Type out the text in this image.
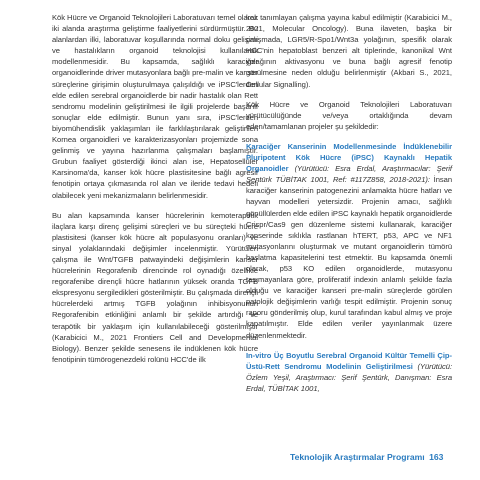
Kök Hücre ve Organoid Teknolojileri Laboratuvarı temel olarak iki alanda araştırma geliştirme faaliyetlerini sürdürmüştür. Bu alanlardan ilki, laboratuvar koşullarında normal doku gelişimi ve hastalıkların organoid teknolojisi kullanılarak modellenmesidir. Bu kapsamda, sağlıklı karaciğer organoidlerinde driver mutasyonlara bağlı pre-malin ve kanser süreçlerine girişimin oluşturulmaya çalışıldığı ve iPSC'lerden elde edilen serebral organoidlerde bir nadir hastalık olan Rett sendromu modelinin geliştirilmesi ile ilgili projelerde başarılı sonuçlar elde edilmiştir. Bunun yanı sıra, iPSC'lerden biyomühendislik yaklaşımları ile farklılaştırılarak geliştirilen Kornea organoidleri ve karakterizasyonları projemizde sona gelinmiş ve yayına hazırlanma çalışmaları başlamıştır. Grubun faaliyet gösterdiği ikinci alan ise, Hepatosellüler Karsinoma'da, kanser kök hücre plastisitesine bağlı agresif fenotipin ortaya çıkmasında rol alan ve ileride tedavi hedefi olabilecek yeni mekanizmaların belirlenmesidir.

Bu alan kapsamında kanser hücrelerinin kemoterapötik ilaçlara karşı direnç gelişimi süreçleri ve bu süreçteki hücre plastisitesi (kanser kök hücre alt populasyonu oranları) ve sinyal yolaklarındaki değişimler incelenmiştir. Yürütülen çalışma ile Wnt/TGFB patwayindeki değişimlerin kanser hücrelerinin Regorafenib direncinde rol oynadığı özellikle regorafenibe dirençli hücre hatlarının yüksek oranda TGFB ekspresyonu sergiledikleri gösterilmiştir. Bu çalışmada dirençli hücrelerdeki artmış TGFB yolağının inhibisyonunun Regorafenibin etkinliğini anlamlı bir şekilde artırdığı ve terapötik bir yaklaşım için kullanılabileceği gösterilmiştir (Karabicici M., 2021 Frontiers Cell and Developmental Biology). Benzer şekilde senesens ile indüklenen kök hücre fenotipinin tümörogenezdeki rolünü HCC'de ilk

kez tanımlayan çalışma yayına kabul edilmiştir (Karabicici M., 2021, Molecular Oncology). Buna ilaveten, başka bir çalışmada, LGR5/R-Spo1/Wnt3a yolağının, spesifik olarak HCC'nin hepatoblast benzeri alt tiplerinde, kanonikal Wnt yolağının aktivasyonu ve buna bağlı agresif fenotip görülmesine neden olduğu belirlenmiştir (Akbari S., 2021, Cellular Signalling).

Kök Hücre ve Organoid Teknolojileri Laboratuvarı yürütücülüğünde ve/veya ortaklığında devam eden/tamamlanan projeler şu şekildedir:

Karaciğer Kanserinin Modellenmesinde İndüklenebilir Pluripotent Kök Hücre (iPSC) Kaynaklı Hepatik Organoidler (Yürütücü: Esra Erdal, Araştırmacılar: Şerif Şentürk TÜBİTAK 1001, Ref: #117Z858, 2018-2021): İnsan karaciğer kanserinin patogenezini anlamakta hücre hatları ve hayvan modelleri yetersizdir. Projenin amacı, sağlıklı gönüllülerden elde edilen iPSC kaynaklı hepatik organoidlerde Crispr/Cas9 gen düzenleme sistemi kullanarak, karaciğer kanserinde sıklıkla rastlanan hTERT, p53, APC ve NF1 mutasyonlarını oluşturmak ve mutant organoidlerin tümörü başlatma kapasitelerini test etmektir. Bu kapsamda önemli olarak, p53 KO edilen organoidlerde, mutasyonu taşımayanlara göre, proliferatif indexin anlamlı şekilde fazla olduğu ve karaciğer kanseri pre-malin süreçlerde görülen patolojik değişimlerin varlığı tespit edilmiştir. Projenin sonuç raporu gönderilmiş olup, kurul tarafından kabul almış ve proje kapatılmıştır. Elde edilen veriler yayınlanmak üzere düzenlenmektedir.

In-vitro Üç Boyutlu Serebral Organoid Kültür Temelli Çip-Üstü-Rett Sendromu Modelinin Geliştirilmesi (Yürütücü: Özlem Yeşil, Araştırmacı: Şerif Şentürk, Danışman: Esra Erdal, TÜBİTAK 1001,

Teknolojik Araştırmalar Programı 163
